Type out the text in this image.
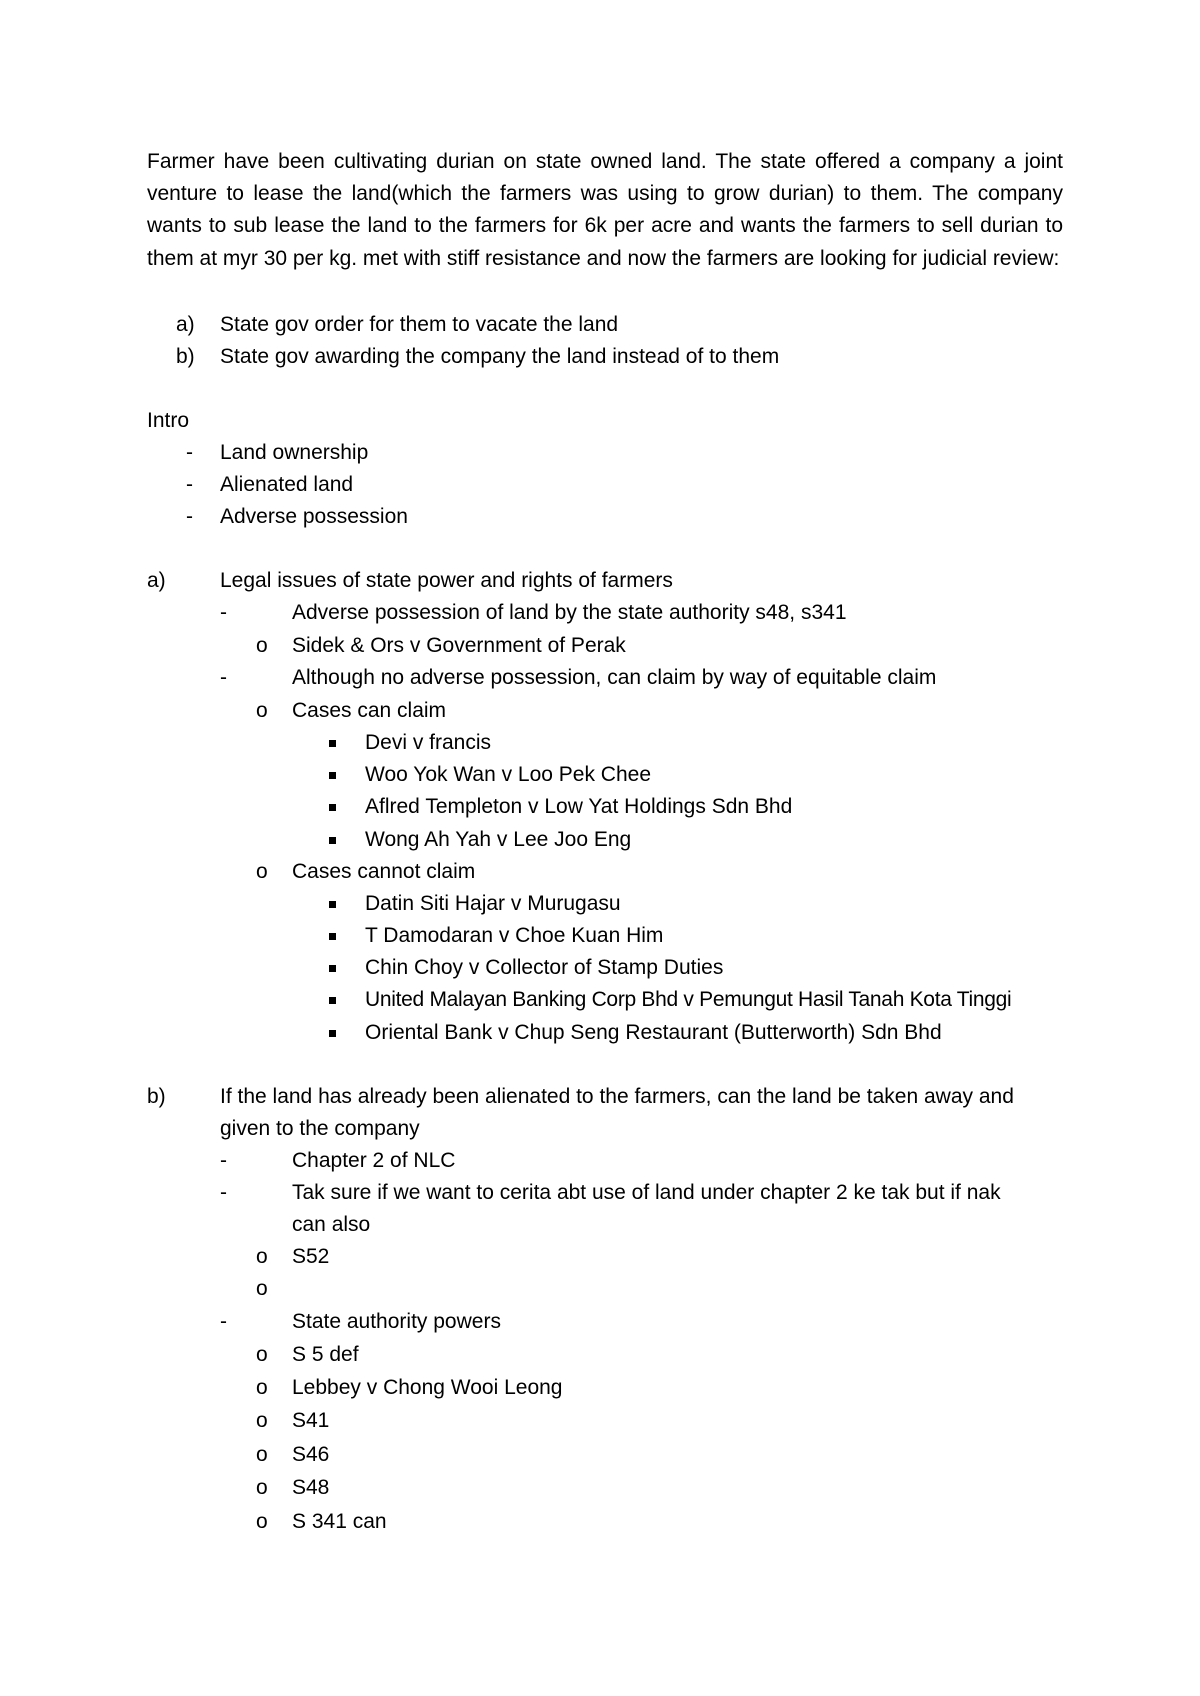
Farmer have been cultivating durian on state owned land. The state offered a company a joint venture to lease the land(which the farmers was using to grow durian) to them. The company wants to sub lease the land to the farmers for 6k per acre and wants the farmers to sell durian to them at myr 30 per kg. met with stiff resistance and now the farmers are looking for judicial review:
a) State gov order for them to vacate the land
b) State gov awarding the company the land instead of to them
Intro
- Land ownership
- Alienated land
- Adverse possession
a)	Legal issues of state power and rights of farmers
-	Adverse possession of land by the state authority s48, s341
o Sidek & Ors v Government of Perak
-	Although no adverse possession, can claim by way of equitable claim
o Cases can claim
Devi v francis
Woo Yok Wan v Loo Pek Chee
Aflred Templeton v Low Yat Holdings Sdn Bhd
Wong Ah Yah v Lee Joo Eng
o Cases cannot claim
Datin Siti Hajar v Murugasu
T Damodaran v Choe Kuan Him
Chin Choy v Collector of Stamp Duties
United Malayan Banking Corp Bhd v Pemungut Hasil Tanah Kota Tinggi
Oriental Bank v Chup Seng Restaurant (Butterworth) Sdn Bhd
b)	If the land has already been alienated to the farmers, can the land be taken away and
given to the company
-	Chapter 2 of NLC
-	Tak sure if we want to cerita abt use of land under chapter 2 ke tak but if nak
can also
o S52
o
-	State authority powers
o S 5 def
o Lebbey v Chong Wooi Leong
o S41
o S46
o S48
o S 341 can
